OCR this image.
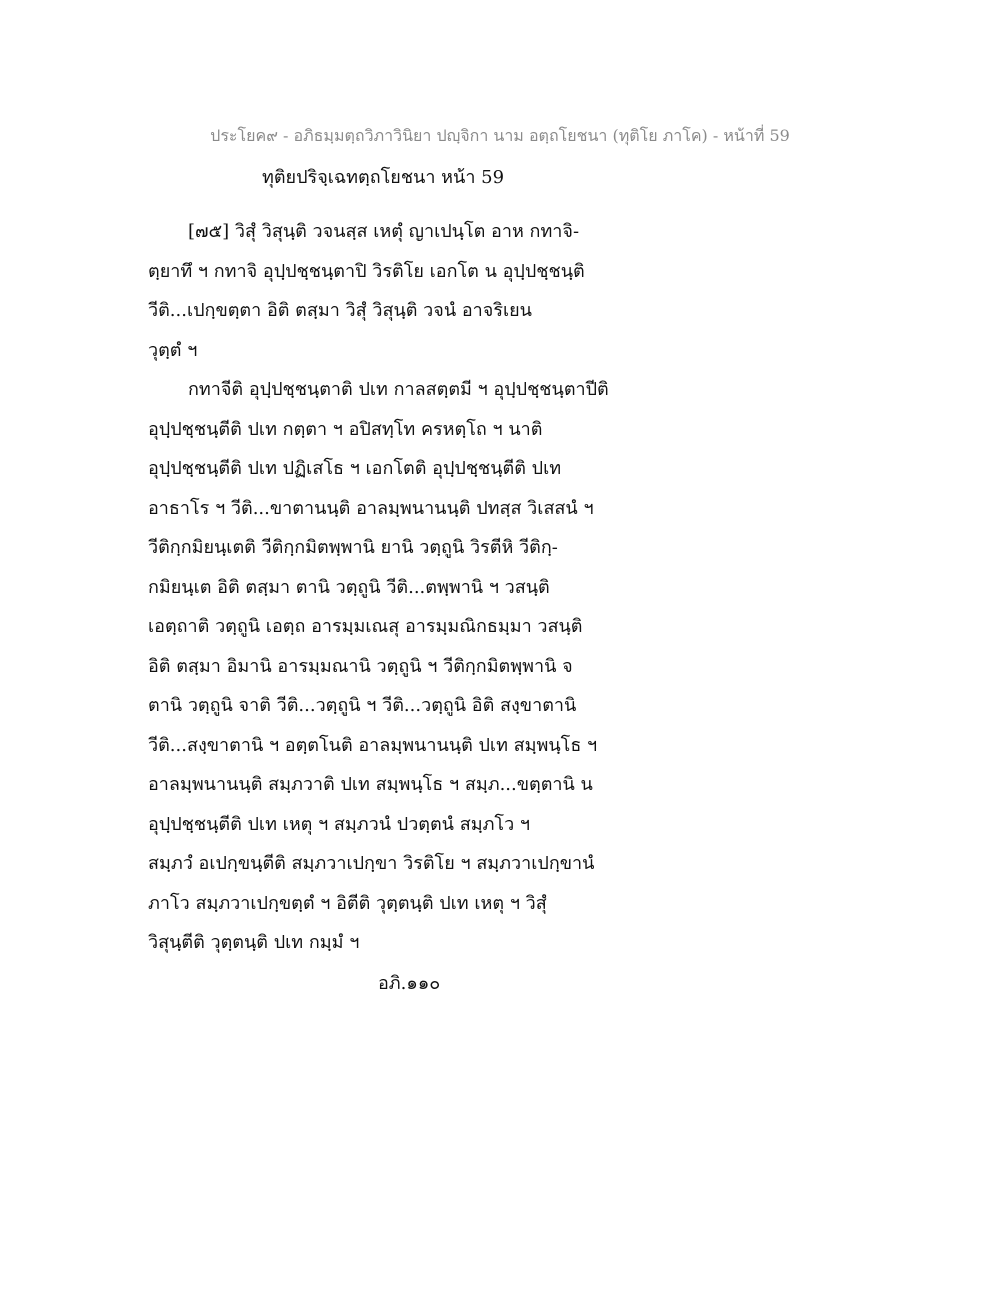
ประโยค๙ - อภิธมฺมตฺถวิภาวินิยา ปญฺจิกา นาม อตฺถโยชนา (ทุติโย ภาโค) - หน้าที่ 59
ทุติยปริจฺเฉทตฺถโยชนา หน้า 59
[๗๕] วิสุํ วิสุนฺติ วจนสฺส เหตุํ ญาเปนฺโต อาห กทาจิ-
ตฺยาทึ ฯ กทาจิ อุปฺปชฺชนฺตาปิ วิรติโย เอกโต น อุปฺปชฺชนฺติ
วีติ...เปกฺขตฺตา อิติ ตสฺมา วิสุํ วิสุนฺติ วจนํ อาจริเยน
วุตฺตํ ฯ
กทาจีติ อุปฺปชฺชนฺตาติ ปเท กาลสตฺตมี ฯ อุปฺปชฺชนฺตาปีติ
อุปฺปชฺชนฺตีติ ปเท กตฺตา ฯ อปิสทฺโท ครหตฺโถ ฯ นาติ
อุปฺปชฺชนฺตีติ ปเท ปฏิเสโธ ฯ เอกโตติ อุปฺปชฺชนฺตีติ ปเท
อาธาโร ฯ วีติ...ขาตานนฺติ อาลมฺพนานนฺติ ปทสฺส วิเสสนํ ฯ
วีติกฺกมิยนฺเตติ วีติกฺกมิตพฺพานิ ยานิ วตฺถูนิ วิรตีหิ วีติกฺ-
กมิยนฺเต อิติ ตสฺมา ตานิ วตฺถูนิ วีติ...ตพฺพานิ ฯ วสนฺติ
เอตฺถาติ วตฺถูนิ เอตฺถ อารมฺมเณสุ อารมฺมณิกธมฺมา วสนฺติ
อิติ ตสฺมา อิมานิ อารมฺมณานิ วตฺถูนิ ฯ วีติกฺกมิตพฺพานิ จ
ตานิ วตฺถูนิ จาติ วีติ...วตฺถูนิ ฯ วีติ...วตฺถูนิ อิติ สงฺขาตานิ
วีติ...สงฺขาตานิ ฯ อตฺตโนติ อาลมฺพนานนฺติ ปเท สมฺพนฺโธ ฯ
อาลมฺพนานนฺติ สมฺภวาติ ปเท สมฺพนฺโธ ฯ สมฺภ...ขตฺตานิ น
อุปฺปชฺชนฺตีติ ปเท เหตุ ฯ สมฺภวนํ ปวตฺตนํ สมฺภโว ฯ
สมฺภวํ อเปกฺขนฺตีติ สมฺภวาเปกฺขา วิรติโย ฯ สมฺภวาเปกฺขานํ
ภาโว สมฺภวาเปกฺขตฺตํ ฯ อิตีติ วุตฺตนฺติ ปเท เหตุ ฯ วิสุํ
วิสุนฺตีติ วุตฺตนฺติ ปเท กมฺมํ ฯ
อภิ.๑๑๐
